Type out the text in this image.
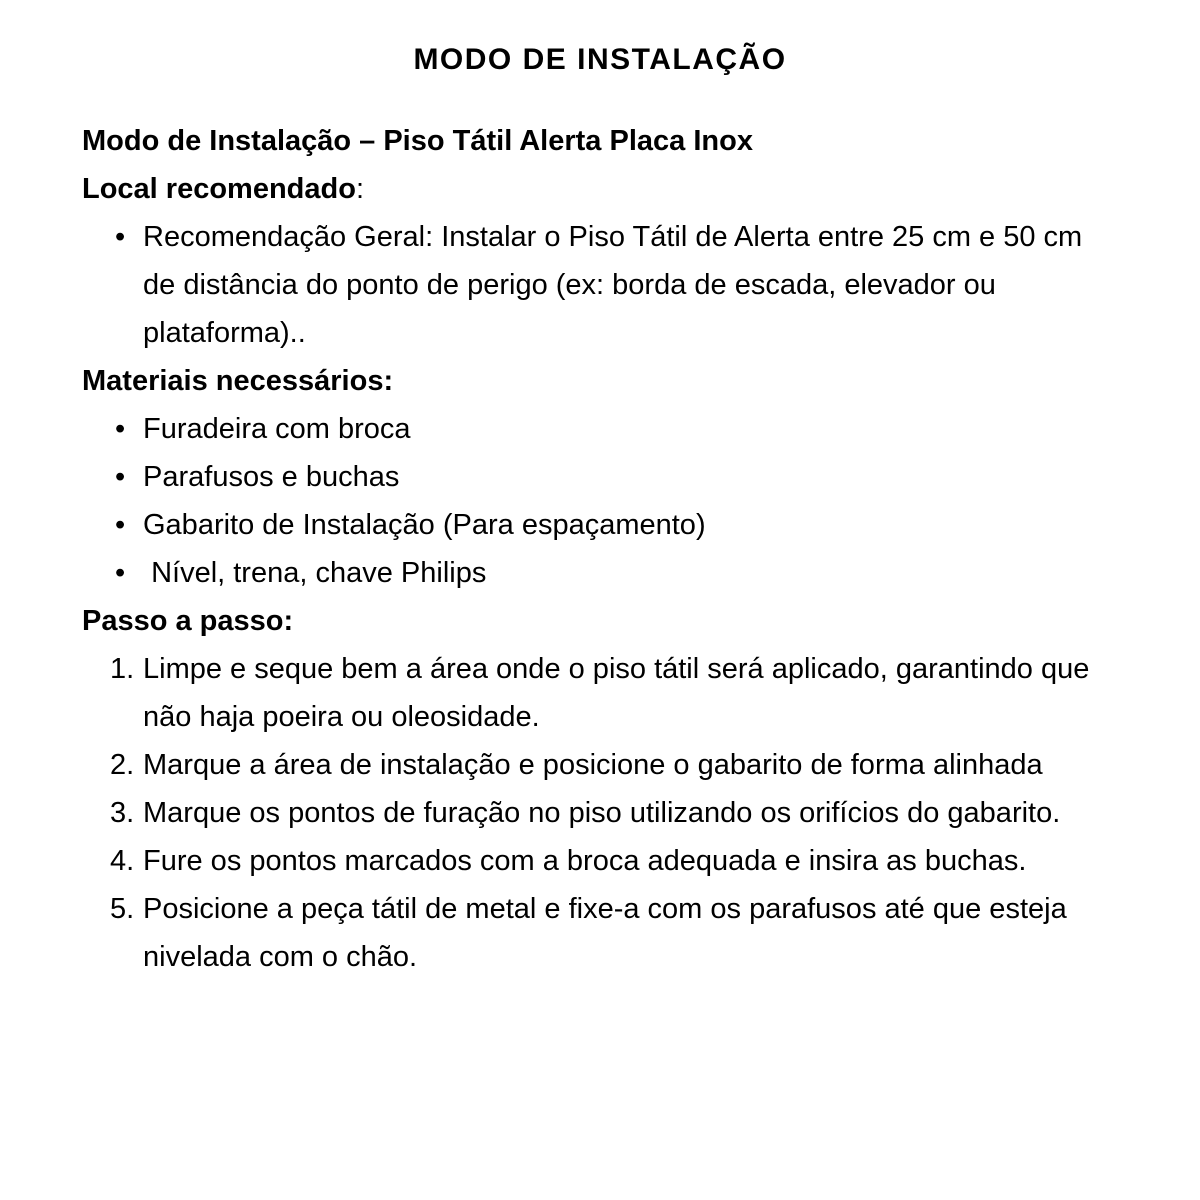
MODO DE INSTALAÇÃO

Modo de Instalação – Piso Tátil Alerta Placa Inox

Local recomendado:

• Recomendação Geral: Instalar o Piso Tátil de Alerta entre 25 cm e 50 cm de distância do ponto de perigo (ex: borda de escada, elevador ou plataforma)..

Materiais necessários:

• Furadeira com broca
• Parafusos e buchas
• Gabarito de Instalação (Para espaçamento)
• Nível, trena, chave Philips

Passo a passo:

1. Limpe e seque bem a área onde o piso tátil será aplicado, garantindo que não haja poeira ou oleosidade.
2. Marque a área de instalação e posicione o gabarito de forma alinhada
3. Marque os pontos de furação no piso utilizando os orifícios do gabarito.
4. Fure os pontos marcados com a broca adequada e insira as buchas.
5. Posicione a peça tátil de metal e fixe-a com os parafusos até que esteja nivelada com o chão.
